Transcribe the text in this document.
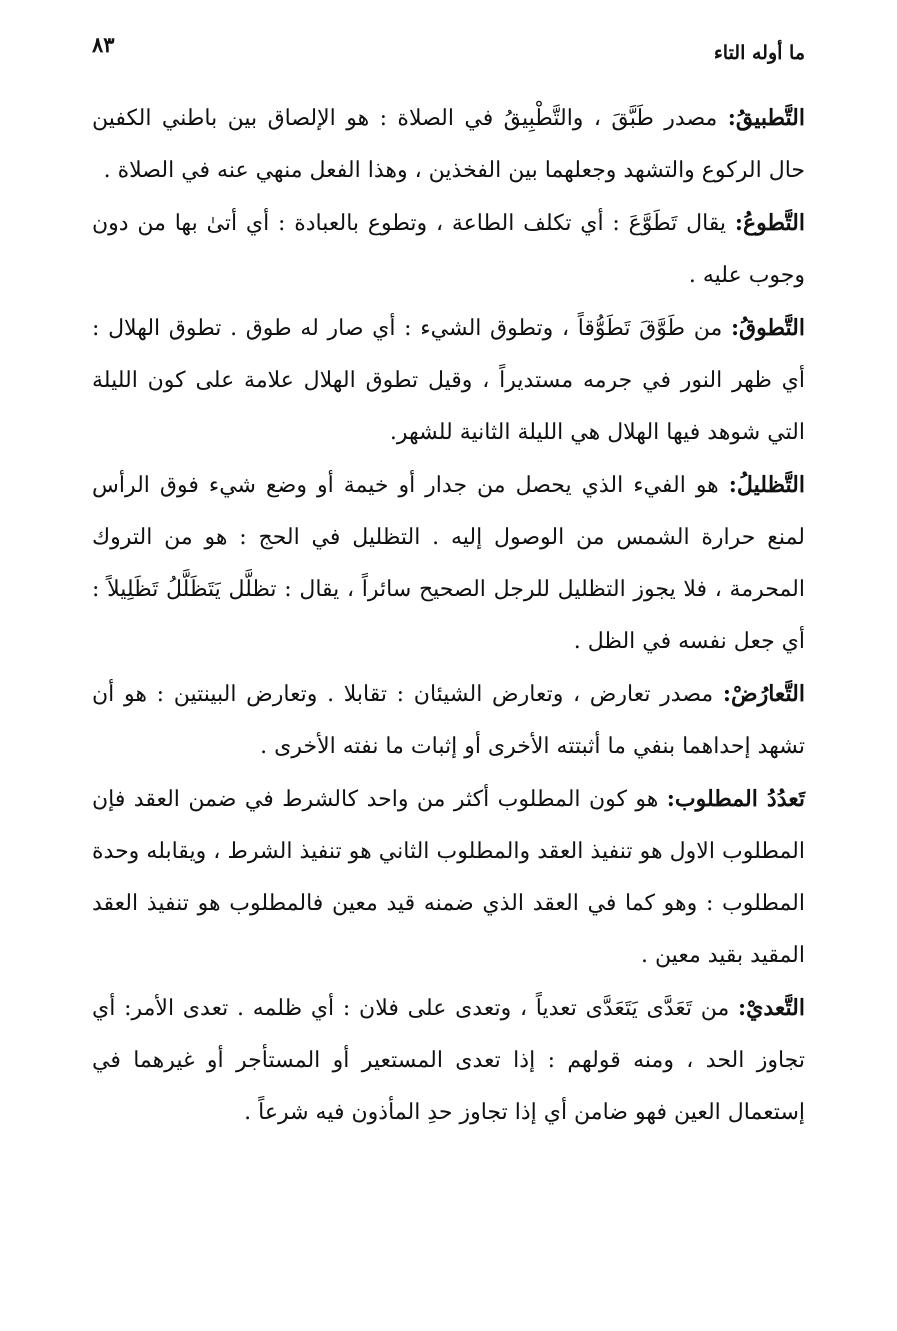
ما أوله التاء
٨٣

التَّطبيقُ: مصدر طَبَّقَ ، والتَّطْبِيقُ في الصلاة : هو الإلصاق بين باطني الكفين حال الركوع والتشهد وجعلهما بين الفخذين ، وهذا الفعل منهي عنه في الصلاة .

التَّطوعُ: يقال تَطَوَّعَ : أي تكلف الطاعة ، وتطوع بالعبادة : أي أتىٰ بها من دون وجوب عليه .

التَّطوقُ: من طَوَّقَ تَطَوُّقاً ، وتطوق الشيء : أي صار له طوق . تطوق الهلال : أي ظهر النور في جرمه مستديراً ، وقيل تطوق الهلال علامة على كون الليلة التي شوهد فيها الهلال هي الليلة الثانية للشهر.

التَّظليلُ: هو الفيء الذي يحصل من جدار أو خيمة أو وضع شيء فوق الرأس لمنع حرارة الشمس من الوصول إليه . التظليل في الحج : هو من التروك المحرمة ، فلا يجوز التظليل للرجل الصحيح سائراً ، يقال : تظلَّل يَتَظَلَّلُ تَظَلِيلاً : أي جعل نفسه في الظل .

التَّعارُضْ: مصدر تعارض ، وتعارض الشيئان : تقابلا . وتعارض البينتين : هو أن تشهد إحداهما بنفي ما أثبتته الأخرى أو إثبات ما نفته الأخرى .

تَعدُدُ المطلوب: هو كون المطلوب أكثر من واحد كالشرط في ضمن العقد فإن المطلوب الاول هو تنفيذ العقد والمطلوب الثاني هو تنفيذ الشرط ، ويقابله وحدة المطلوب : وهو كما في العقد الذي ضمنه قيد معين فالمطلوب هو تنفيذ العقد المقيد بقيد معين .

التَّعديْ: من تَعَدَّى يَتَعَدَّى تعدياً ، وتعدى على فلان : أي ظلمه . تعدى الأمر: أي تجاوز الحد ، ومنه قولهم : إذا تعدى المستعير أو المستأجر أو غيرهما في إستعمال العين فهو ضامن أي إذا تجاوز حدِ المأذون فيه شرعاً .
